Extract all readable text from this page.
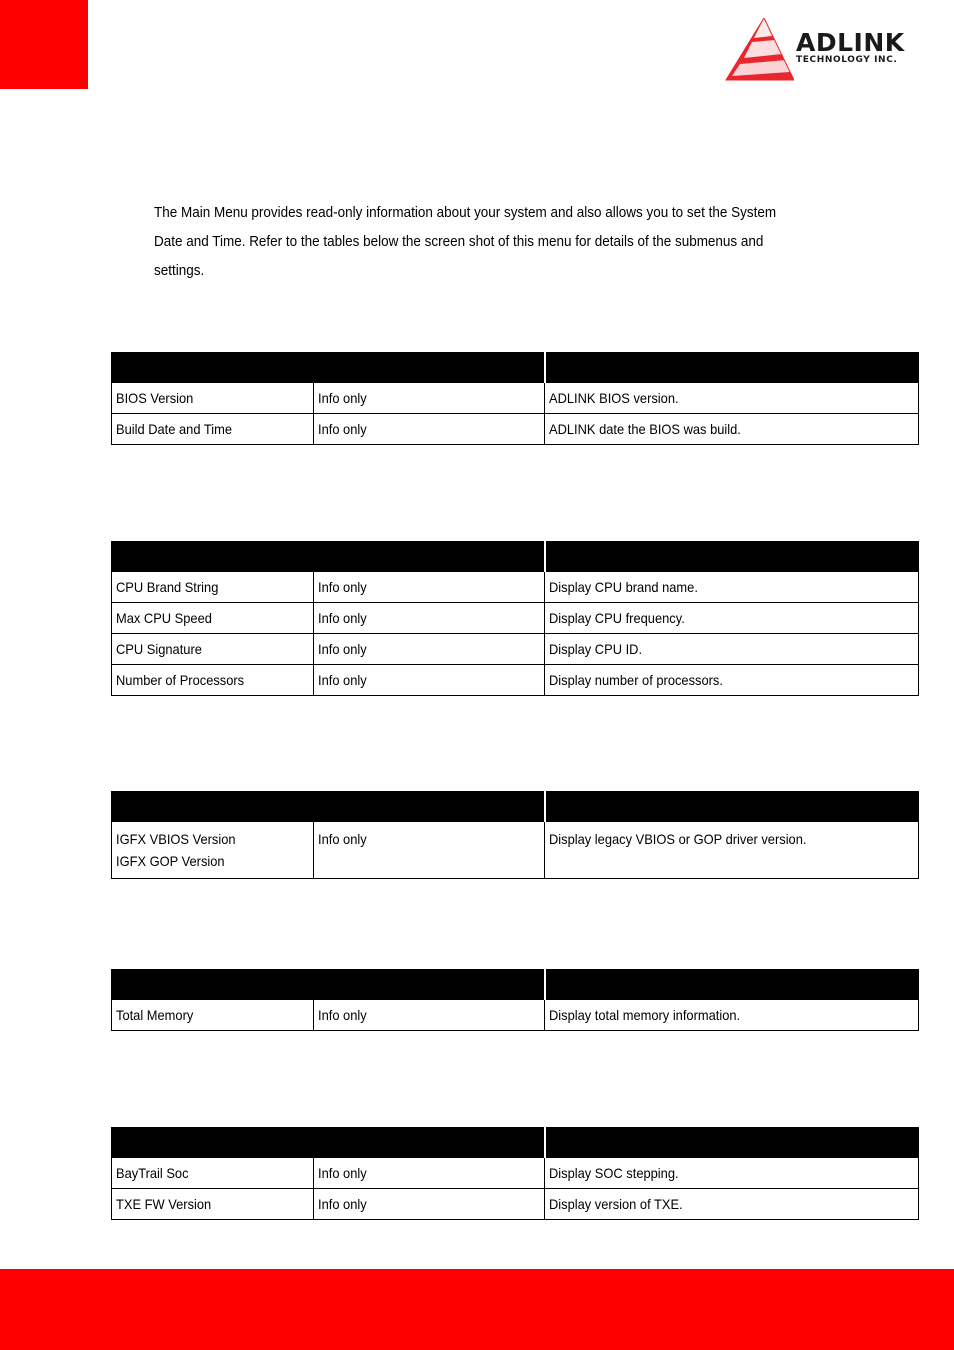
ADLINK
TECHNOLOGY INC.
The Main Menu provides read-only information about your system and also allows you to set the System
Date and Time. Refer to the tables below the screen shot of this menu for details of the submenus and
settings.

BIOS Version	Info only	ADLINK BIOS version.
Build Date and Time	Info only	ADLINK date the BIOS was build.

CPU Brand String	Info only	Display CPU brand name.
Max CPU Speed	Info only	Display CPU frequency.
CPU Signature	Info only	Display CPU ID.
Number of Processors	Info only	Display number of processors.

IGFX VBIOS Version
IGFX GOP Version	Info only	Display legacy VBIOS or GOP driver version.

Total Memory	Info only	Display total memory information.

BayTrail Soc	Info only	Display SOC stepping.
TXE FW Version	Info only	Display version of TXE.
